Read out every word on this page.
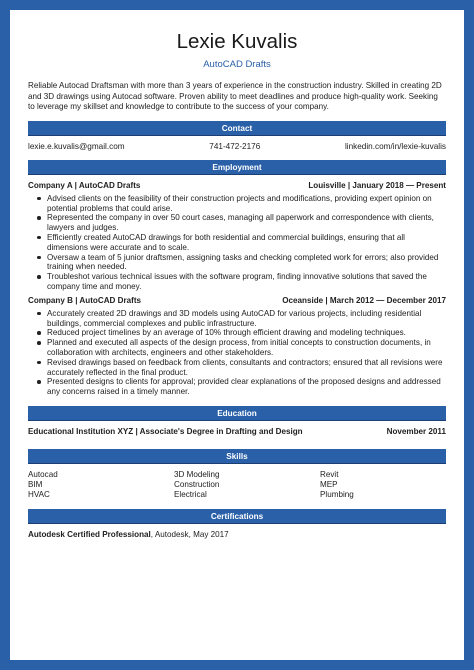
Lexie Kuvalis
AutoCAD Drafts
Reliable Autocad Draftsman with more than 3 years of experience in the construction industry. Skilled in creating 2D and 3D drawings using Autocad software. Proven ability to meet deadlines and produce high-quality work. Seeking to leverage my skillset and knowledge to contribute to the success of your company.
Contact
lexie.e.kuvalis@gmail.com	741-472-2176	linkedin.com/in/lexie-kuvalis
Employment
Company A | AutoCAD Drafts	Louisville | January 2018 — Present
Advised clients on the feasibility of their construction projects and modifications, providing expert opinion on potential problems that could arise.
Represented the company in over 50 court cases, managing all paperwork and correspondence with clients, lawyers and judges.
Efficiently created AutoCAD drawings for both residential and commercial buildings, ensuring that all dimensions were accurate and to scale.
Oversaw a team of 5 junior draftsmen, assigning tasks and checking completed work for errors; also provided training when needed.
Troubleshot various technical issues with the software program, finding innovative solutions that saved the company time and money.
Company B | AutoCAD Drafts	Oceanside | March 2012 — December 2017
Accurately created 2D drawings and 3D models using AutoCAD for various projects, including residential buildings, commercial complexes and public infrastructure.
Reduced project timelines by an average of 10% through efficient drawing and modeling techniques.
Planned and executed all aspects of the design process, from initial concepts to construction documents, in collaboration with architects, engineers and other stakeholders.
Revised drawings based on feedback from clients, consultants and contractors; ensured that all revisions were accurately reflected in the final product.
Presented designs to clients for approval; provided clear explanations of the proposed designs and addressed any concerns raised in a timely manner.
Education
Educational Institution XYZ | Associate's Degree in Drafting and Design	November 2011
Skills
Autocad	3D Modeling	Revit
BIM	Construction	MEP
HVAC	Electrical	Plumbing
Certifications
Autodesk Certified Professional, Autodesk, May 2017
